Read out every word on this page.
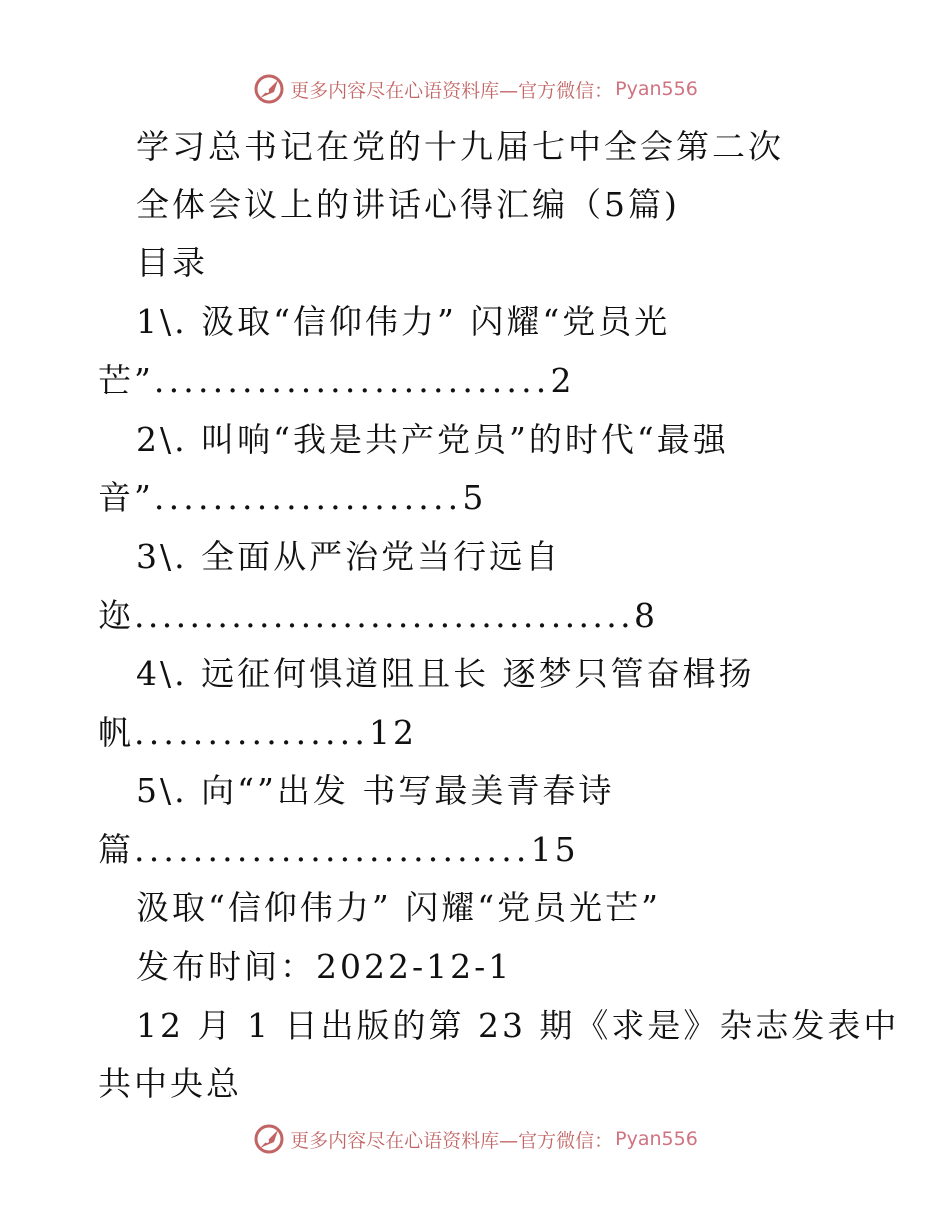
更多内容尽在心语资料库—官方微信： Pyan556
学习总书记在党的十九届七中全会第二次
全体会议上的讲话心得汇编（5篇)
目录
1\. 汲取“信仰伟力” 闪耀“党员光
芒”...........................2
2\. 叫响“我是共产党员”的时代“最强
音”.....................5
3\. 全面从严治党当行远自
迩....................................8
4\. 远征何惧道阻且长 逐梦只管奋楫扬
帆................12
5\. 向“”出发 书写最美青春诗
篇...........................15
汲取“信仰伟力” 闪耀“党员光芒”
发布时间：2022-12-1
12 月 1 日出版的第 23 期《求是》杂志发表中
共中央总
更多内容尽在心语资料库—官方微信： Pyan556
